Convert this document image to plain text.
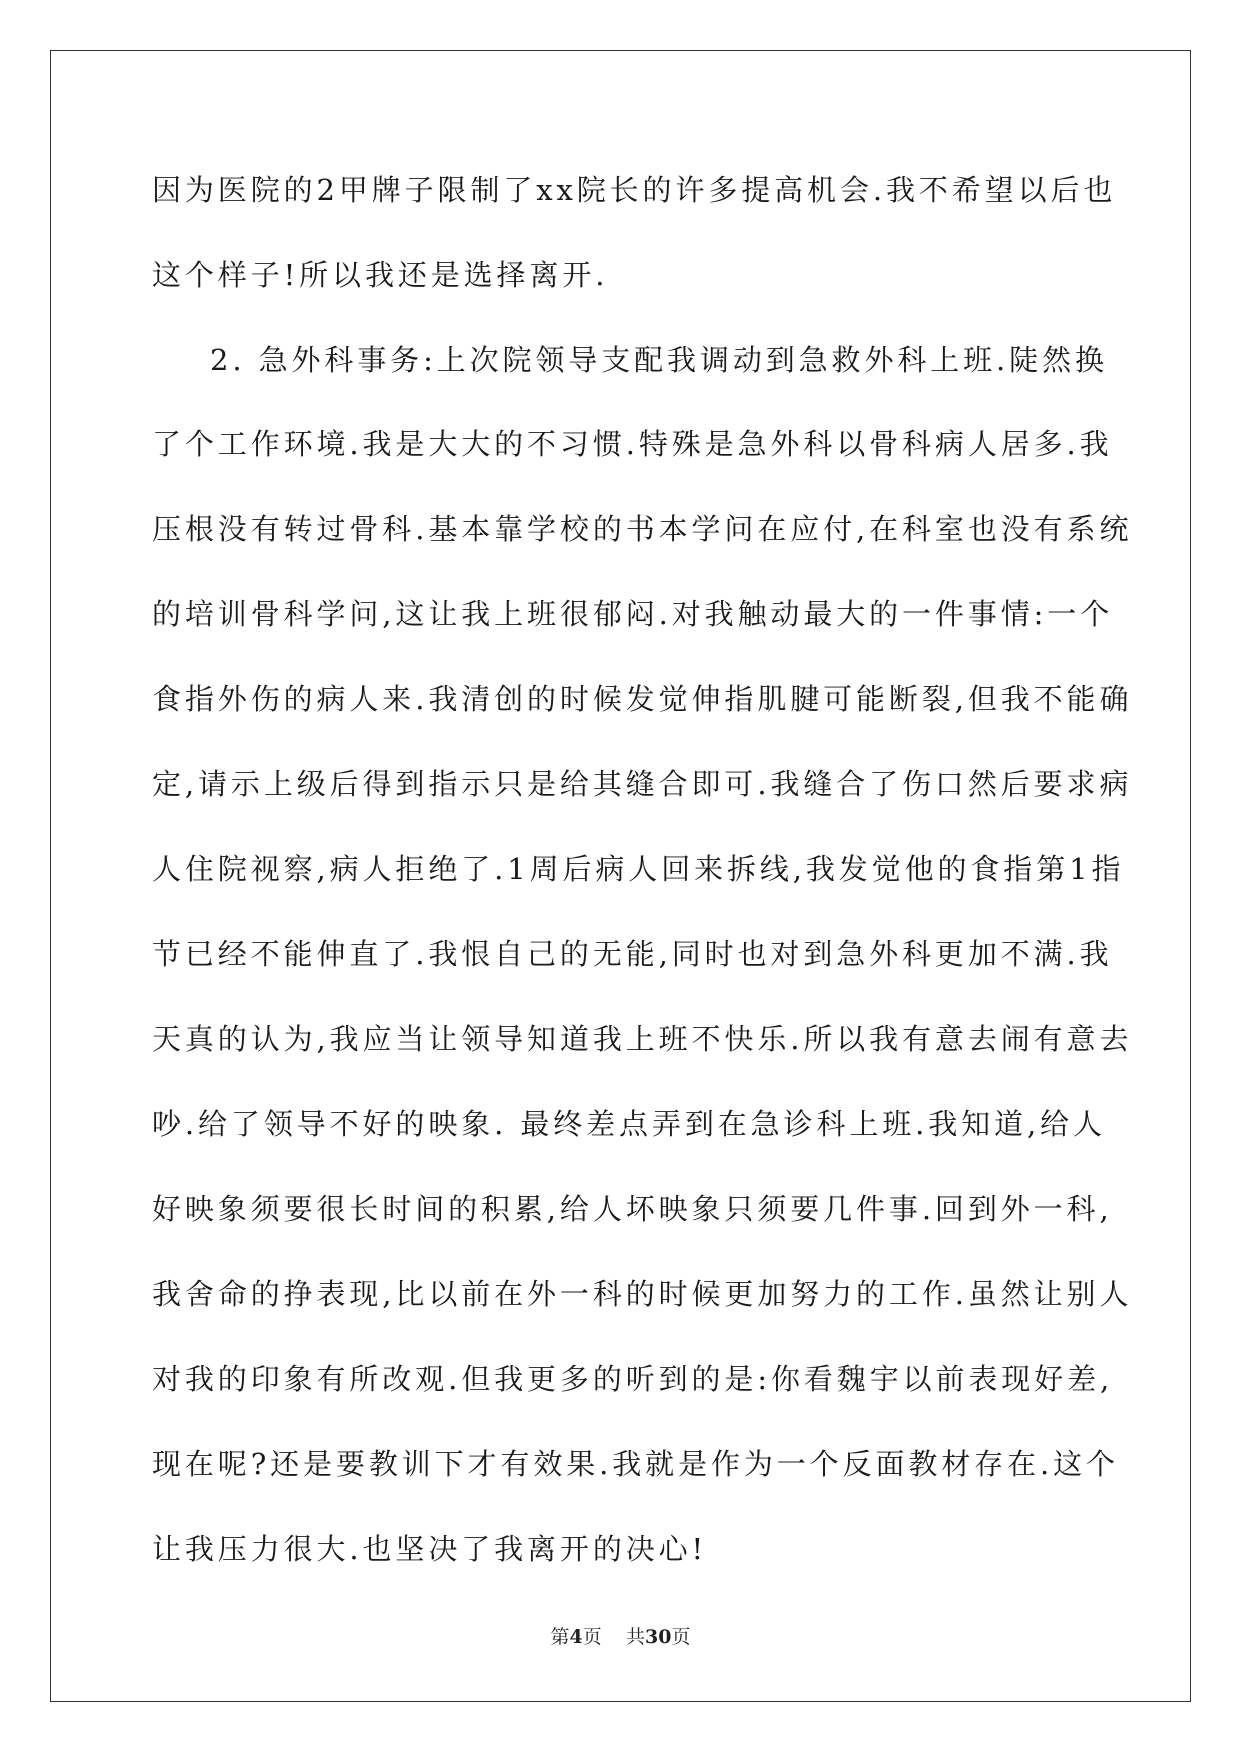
因为医院的2甲牌子限制了xx院长的许多提高机会.我不希望以后也
这个样子!所以我还是选择离开.
2. 急外科事务:上次院领导支配我调动到急救外科上班.陡然换
了个工作环境.我是大大的不习惯.特殊是急外科以骨科病人居多.我
压根没有转过骨科.基本靠学校的书本学问在应付,在科室也没有系统
的培训骨科学问,这让我上班很郁闷.对我触动最大的一件事情:一个
食指外伤的病人来.我清创的时候发觉伸指肌腱可能断裂,但我不能确
定,请示上级后得到指示只是给其缝合即可.我缝合了伤口然后要求病
人住院视察,病人拒绝了.1周后病人回来拆线,我发觉他的食指第1指
节已经不能伸直了.我恨自己的无能,同时也对到急外科更加不满.我
天真的认为,我应当让领导知道我上班不快乐.所以我有意去闹有意去
吵.给了领导不好的映象. 最终差点弄到在急诊科上班.我知道,给人
好映象须要很长时间的积累,给人坏映象只须要几件事.回到外一科,
我舍命的挣表现,比以前在外一科的时候更加努力的工作.虽然让别人
对我的印象有所改观.但我更多的听到的是:你看魏宇以前表现好差,
现在呢?还是要教训下才有效果.我就是作为一个反面教材存在.这个
让我压力很大.也坚决了我离开的决心!
第4页 共30页
